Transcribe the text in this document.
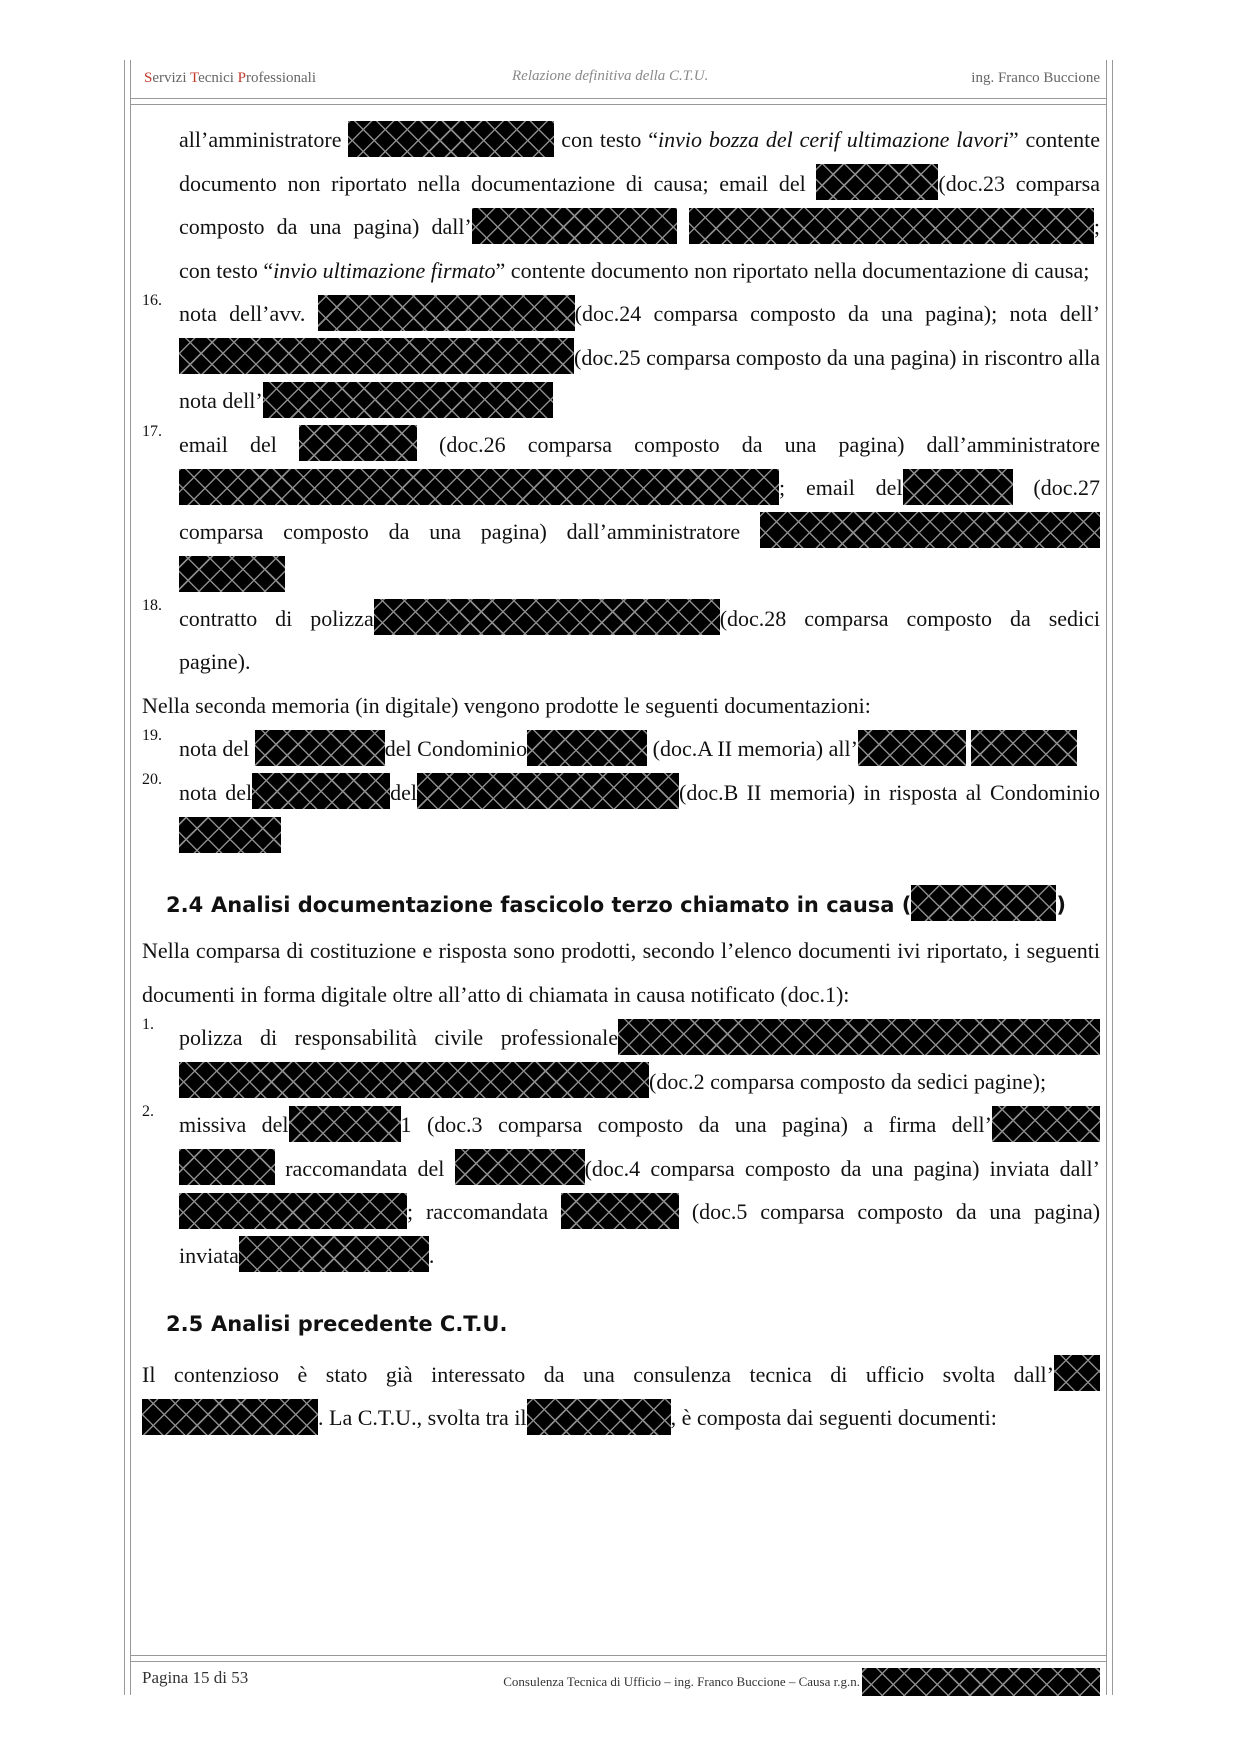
Servizi Tecnici Professionali	Relazione definitiva della C.T.U.	ing. Franco Buccione

all’amministratore	con testo “invio bozza del cerif ultimazione lavori” contente documento non riportato nella documentazione di causa; email del	(doc.23 comparsa composto da una pagina) dall’	; con testo “invio ultimazione firmato” contente documento non riportato nella documentazione di causa;

16.

nota dell’avv.	(doc.24 comparsa composto da una pagina); nota dell’(doc.25 comparsa composto da una pagina) in riscontro alla nota dell’

17.

email del	(doc.26 comparsa composto da una pagina) dall’amministratore ; email del	(doc.27 comparsa composto da una pagina) dall’amministratore

18.

contratto di polizza	(doc.28 comparsa composto da sedici pagine).

Nella seconda memoria (in digitale) vengono prodotte le seguenti documentazioni:

19.

nota del	del Condominio	(doc.A II memoria) all’

20.

nota del	del	(doc.B II memoria) in risposta al Condominio

2.4 Analisi documentazione fascicolo terzo chiamato in causa (	)

Nella comparsa di costituzione e risposta sono prodotti, secondo l’elenco documenti ivi riportato, i seguenti documenti in forma digitale oltre all’atto di chiamata in causa notificato (doc.1):

1.

polizza di responsabilità civile professionale (doc.2 comparsa composto da sedici pagine);

2.

missiva del	1 (doc.3 comparsa composto da una pagina) a firma dell’  raccomandata del	(doc.4 comparsa composto da una pagina) inviata dall’; raccomandata	(doc.5 comparsa composto da una pagina) inviata	.

2.5 Analisi precedente C.T.U.

Il contenzioso è stato già interessato da una consulenza tecnica di ufficio svolta dall’ . La C.T.U., svolta tra il	, è composta dai seguenti documenti:

Pagina 15 di 53	Consulenza Tecnica di Ufficio – ing. Franco Buccione – Causa r.g.n.
